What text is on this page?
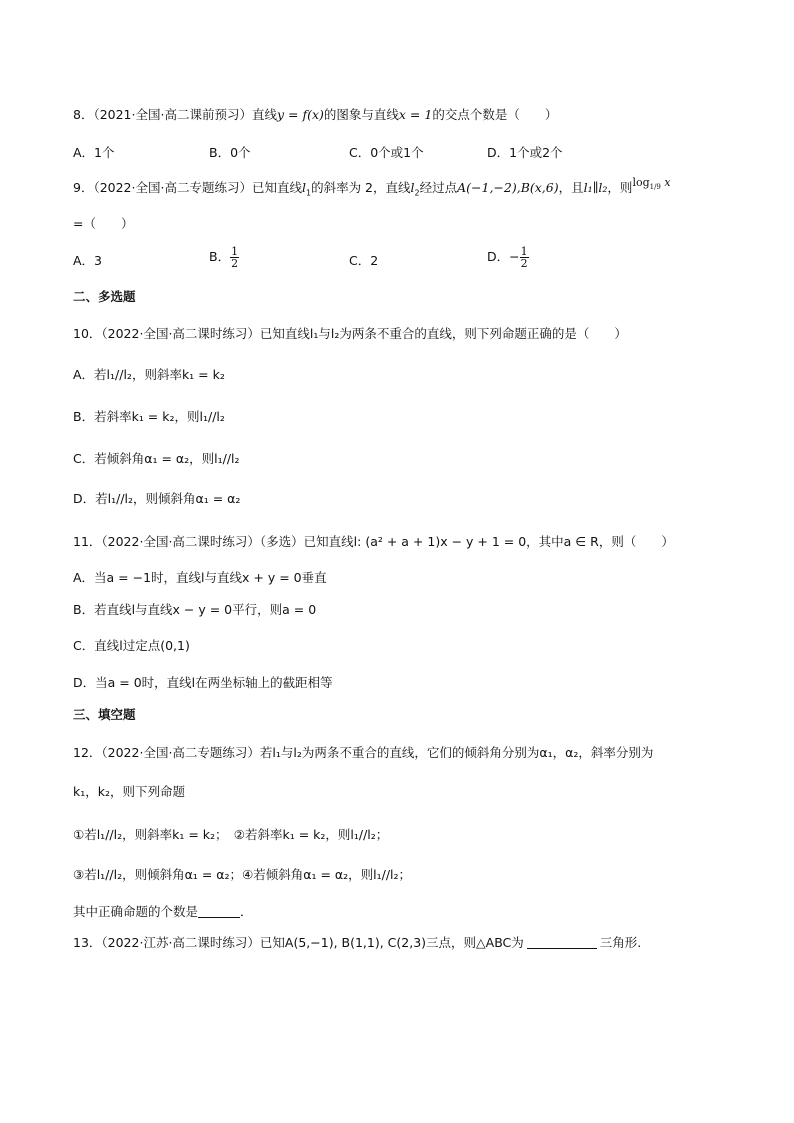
8．（2021·全国·高二课前预习）直线y = f(x)的图象与直线x = 1的交点个数是（　　）
A．1个	B．0个	C．0个或1个	D．1个或2个
9．（2022·全国·高二专题练习）已知直线$l_1$的斜率为 2，直线$l_2$经过点A(−1,−2),B(x,6)，且l₁∥l₂，则$\log_{1/9} x$
=（　　）
A．3	B． $\frac{1}{2}$	C．2	D．− $\frac{1}{2}$
二、多选题
10．（2022·全国·高二课时练习）已知直线l₁与l₂为两条不重合的直线，则下列命题正确的是（　　）
A．若l₁//l₂，则斜率k₁ = k₂
B．若斜率k₁ = k₂，则l₁//l₂
C．若倾斜角α₁ = α₂，则l₁//l₂
D．若l₁//l₂，则倾斜角α₁ = α₂
11．（2022·全国·高二课时练习）（多选）已知直线l: (a² + a + 1)x − y + 1 = 0，其中a ∈ R，则（　　）
A．当a = −1时，直线l与直线x + y = 0垂直
B．若直线l与直线x − y = 0平行，则a = 0
C．直线l过定点(0,1)
D．当a = 0时，直线l在两坐标轴上的截距相等
三、填空题
12．（2022·全国·高二专题练习）若l₁与l₂为两条不重合的直线，它们的倾斜角分别为α₁，α₂，斜率分别为
k₁，k₂，则下列命题
①若l₁//l₂，则斜率k₁ = k₂；　②若斜率k₁ = k₂，则l₁//l₂；
③若l₁//l₂，则倾斜角α₁ = α₂；④若倾斜角α₁ = α₂，则l₁//l₂；
其中正确命题的个数是	．
13．（2022·江苏·高二课时练习）已知A(5,−1), B(1,1), C(2,3)三点，则△ABC为	三角形.
